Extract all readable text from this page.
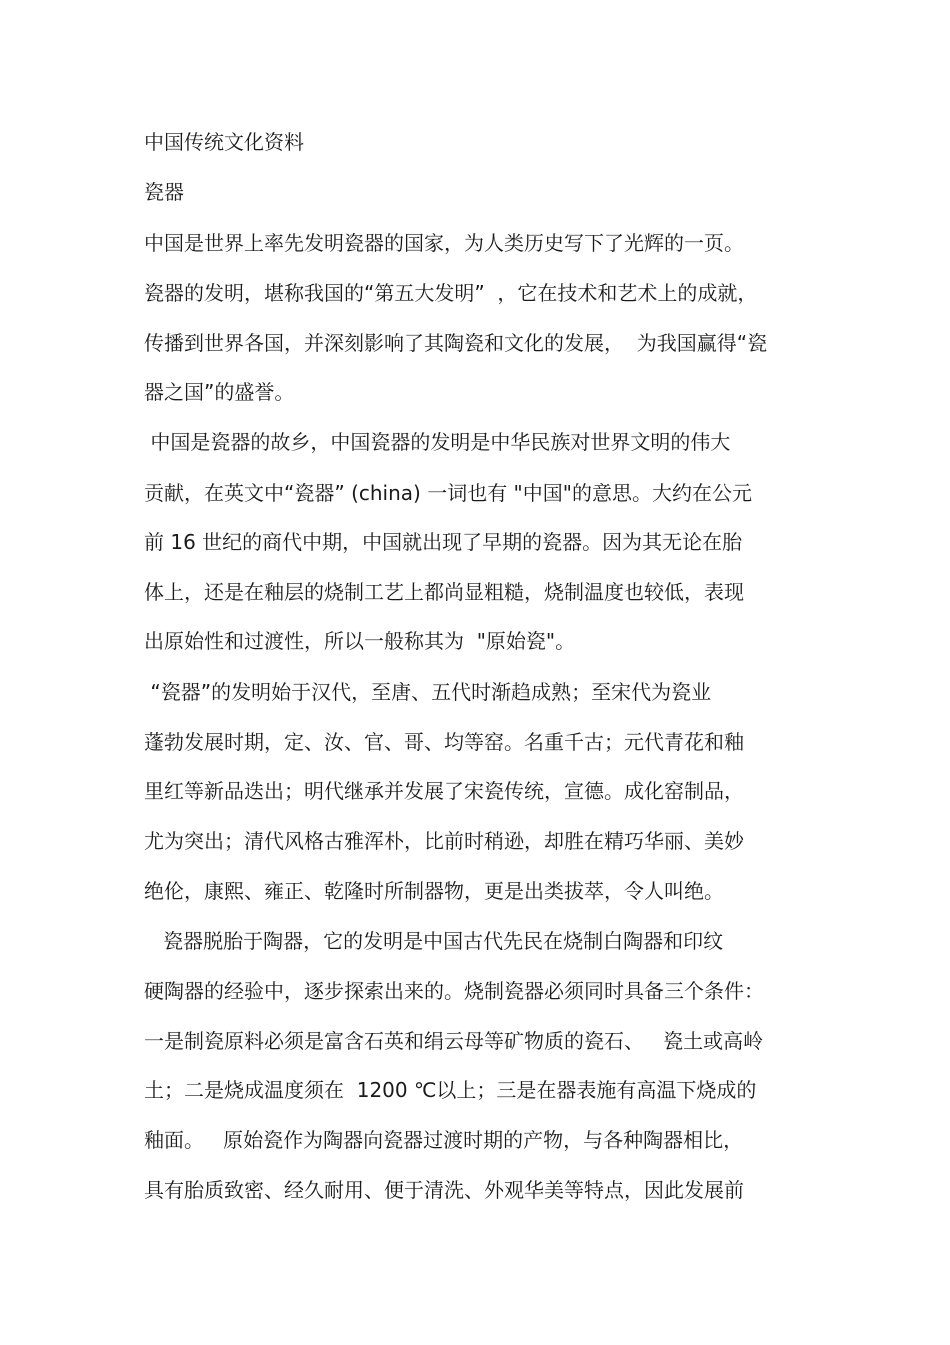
中国传统文化资料

瓷器

中国是世界上率先发明瓷器的国家，为人类历史写下了光辉的一页。

瓷器的发明，堪称我国的“第五大发明”  ，它在技术和艺术上的成就，

传播到世界各国，并深刻影响了其陶瓷和文化的发展，  为我国赢得“瓷

器之国”的盛誉。

中国是瓷器的故乡，中国瓷器的发明是中华民族对世界文明的伟大

贡献，在英文中“瓷器” (china) 一词也有 "中国"的意思。大约在公元

前 16 世纪的商代中期，中国就出现了早期的瓷器。因为其无论在胎

体上，还是在釉层的烧制工艺上都尚显粗糙，烧制温度也较低，表现

出原始性和过渡性，所以一般称其为  "原始瓷"。

“瓷器”的发明始于汉代，至唐、五代时渐趋成熟；至宋代为瓷业

蓬勃发展时期，定、汝、官、哥、均等窑。名重千古；元代青花和釉

里红等新品迭出；明代继承并发展了宋瓷传统，宣德。成化窑制品，

尤为突出；清代风格古雅浑朴，比前时稍逊，却胜在精巧华丽、美妙

绝伦，康熙、雍正、乾隆时所制器物，更是出类拔萃，令人叫绝。

瓷器脱胎于陶器，它的发明是中国古代先民在烧制白陶器和印纹

硬陶器的经验中，逐步探索出来的。烧制瓷器必须同时具备三个条件：

一是制瓷原料必须是富含石英和绢云母等矿物质的瓷石、   瓷土或高岭

土；二是烧成温度须在  1200 ℃以上；三是在器表施有高温下烧成的

釉面。   原始瓷作为陶器向瓷器过渡时期的产物，与各种陶器相比，

具有胎质致密、经久耐用、便于清洗、外观华美等特点，因此发展前
